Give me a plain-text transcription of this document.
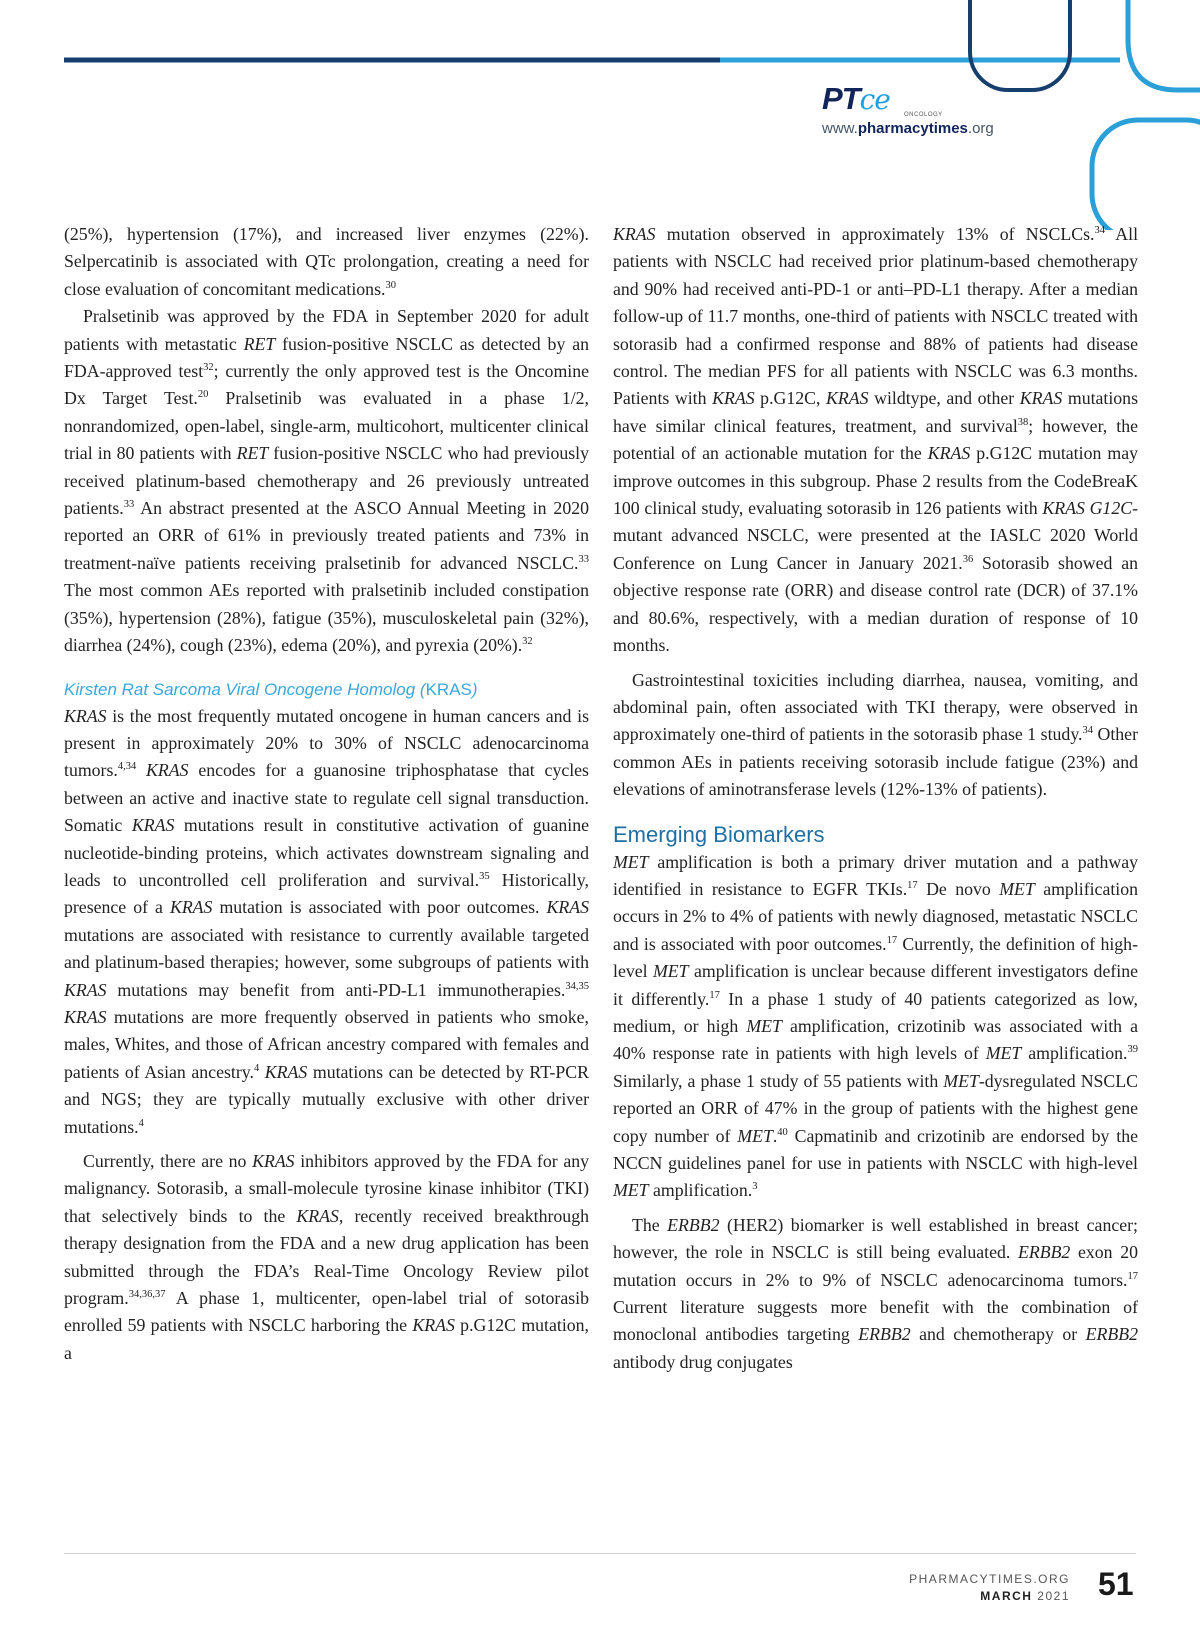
PTce ONCOLOGY
www.pharmacytimes.org

(25%), hypertension (17%), and increased liver enzymes (22%). Selpercatinib is associated with QTc prolongation, creating a need for close evaluation of concomitant medications.$^{30}$

Pralsetinib was approved by the FDA in September 2020 for adult patients with metastatic RET fusion-positive NSCLC as detected by an FDA-approved test$^{32}$; currently the only approved test is the Oncomine Dx Target Test.$^{20}$ Pralsetinib was evaluated in a phase 1/2, nonrandomized, open-label, single-arm, multicohort, multicenter clinical trial in 80 patients with RET fusion-positive NSCLC who had previously received platinum-based chemotherapy and 26 previously untreated patients.$^{33}$ An abstract presented at the ASCO Annual Meeting in 2020 reported an ORR of 61% in previously treated patients and 73% in treatment-naïve patients receiving pralsetinib for advanced NSCLC.$^{33}$ The most common AEs reported with pralsetinib included constipation (35%), hypertension (28%), fatigue (35%), musculoskeletal pain (32%), diarrhea (24%), cough (23%), edema (20%), and pyrexia (20%).$^{32}$

Kirsten Rat Sarcoma Viral Oncogene Homolog (KRAS)

KRAS is the most frequently mutated oncogene in human cancers and is present in approximately 20% to 30% of NSCLC adenocarcinoma tumors.$^{4,34}$ KRAS encodes for a guanosine triphosphatase that cycles between an active and inactive state to regulate cell signal transduction. Somatic KRAS mutations result in constitutive activation of guanine nucleotide-binding proteins, which activates downstream signaling and leads to uncontrolled cell proliferation and survival.$^{35}$ Historically, presence of a KRAS mutation is associated with poor outcomes. KRAS mutations are associated with resistance to currently available targeted and platinum-based therapies; however, some subgroups of patients with KRAS mutations may benefit from anti-PD-L1 immunotherapies.$^{34,35}$ KRAS mutations are more frequently observed in patients who smoke, males, Whites, and those of African ancestry compared with females and patients of Asian ancestry.$^4$ KRAS mutations can be detected by RT-PCR and NGS; they are typically mutually exclusive with other driver mutations.$^4$

Currently, there are no KRAS inhibitors approved by the FDA for any malignancy. Sotorasib, a small-molecule tyrosine kinase inhibitor (TKI) that selectively binds to the KRAS, recently received breakthrough therapy designation from the FDA and a new drug application has been submitted through the FDA’s Real-Time Oncology Review pilot program.$^{34,36,37}$ A phase 1, multicenter, open-label trial of sotorasib enrolled 59 patients with NSCLC harboring the KRAS p.G12C mutation, a

KRAS mutation observed in approximately 13% of NSCLCs.$^{34}$ All patients with NSCLC had received prior platinum-based chemotherapy and 90% had received anti-PD-1 or anti–PD-L1 therapy. After a median follow-up of 11.7 months, one-third of patients with NSCLC treated with sotorasib had a confirmed response and 88% of patients had disease control. The median PFS for all patients with NSCLC was 6.3 months. Patients with KRAS p.G12C, KRAS wildtype, and other KRAS mutations have similar clinical features, treatment, and survival$^{38}$; however, the potential of an actionable mutation for the KRAS p.G12C mutation may improve outcomes in this subgroup. Phase 2 results from the CodeBreaK 100 clinical study, evaluating sotorasib in 126 patients with KRAS G12C-mutant advanced NSCLC, were presented at the IASLC 2020 World Conference on Lung Cancer in January 2021.36 Sotorasib showed an objective response rate (ORR) and disease control rate (DCR) of 37.1% and 80.6%, respectively, with a median duration of response of 10 months.

Gastrointestinal toxicities including diarrhea, nausea, vomiting, and abdominal pain, often associated with TKI therapy, were observed in approximately one-third of patients in the sotorasib phase 1 study.$^{34}$ Other common AEs in patients receiving sotorasib include fatigue (23%) and elevations of aminotransferase levels (12%-13% of patients).

Emerging Biomarkers

MET amplification is both a primary driver mutation and a pathway identified in resistance to EGFR TKIs.$^{17}$ De novo MET amplification occurs in 2% to 4% of patients with newly diagnosed, metastatic NSCLC and is associated with poor outcomes.$^{17}$ Currently, the definition of high-level MET amplification is unclear because different investigators define it differently.$^{17}$ In a phase 1 study of 40 patients categorized as low, medium, or high MET amplification, crizotinib was associated with a 40% response rate in patients with high levels of MET amplification.$^{39}$ Similarly, a phase 1 study of 55 patients with MET-dysregulated NSCLC reported an ORR of 47% in the group of patients with the highest gene copy number of MET.$^{40}$ Capmatinib and crizotinib are endorsed by the NCCN guidelines panel for use in patients with NSCLC with high-level MET amplification.$^3$

The ERBB2 (HER2) biomarker is well established in breast cancer; however, the role in NSCLC is still being evaluated. ERBB2 exon 20 mutation occurs in 2% to 9% of NSCLC adenocarcinoma tumors.$^{17}$ Current literature suggests more benefit with the combination of monoclonal antibodies targeting ERBB2 and chemotherapy or ERBB2 antibody drug conjugates

PHARMACYTIMES.ORG
MARCH 2021 51
